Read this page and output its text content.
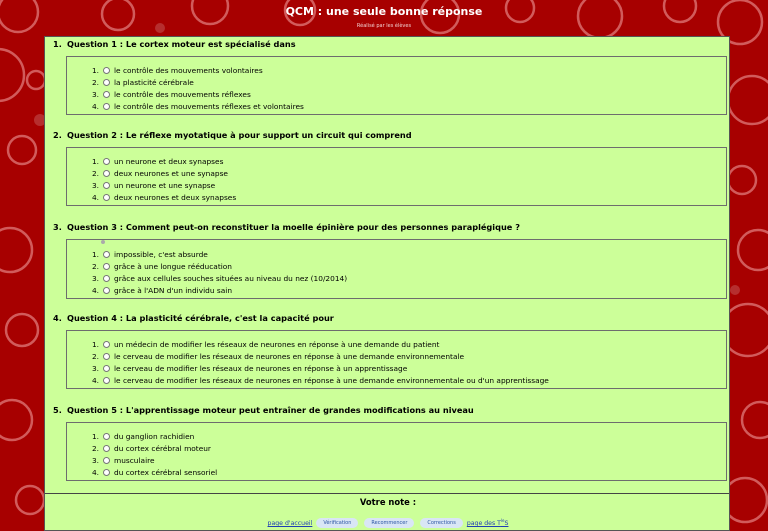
QCM : une seule bonne réponse
Réalisé par les élèves
1. Question 1 : Le cortex moteur est spécialisé dans
1. le contrôle des mouvements volontaires
2. la plasticité cérébrale
3. le contrôle des mouvements réflexes
4. le contrôle des mouvements réflexes et volontaires
2. Question 2 : Le réflexe myotatique à pour support un circuit qui comprend
1. un neurone et deux synapses
2. deux neurones et une synapse
3. un neurone et une synapse
4. deux neurones et deux synapses
3. Question 3 : Comment peut-on reconstituer la moelle épinière pour des personnes paraplégique ?
1. impossible, c'est absurde
2. grâce à une longue rééducation
3. grâce aux cellules souches situées au niveau du nez (10/2014)
4. grâce à l'ADN d'un individu sain
4. Question 4 : La plasticité cérébrale, c'est la capacité pour
1. un médecin de modifier les réseaux de neurones en réponse à une demande du patient
2. le cerveau de modifier les réseaux de neurones en réponse à une demande environnementale
3. le cerveau de modifier les réseaux de neurones en réponse à un apprentissage
4. le cerveau de modifier les réseaux de neurones en réponse à une demande environnementale ou d'un apprentissage
5. Question 5 : L'apprentissage moteur peut entraîner de grandes modifications au niveau
1. du ganglion rachidien
2. du cortex cérébral moteur
3. musculaire
4. du cortex cérébral sensoriel
Votre note :
page d'accueil Vérification	Recommencer	Corrections page des $T^{le}S$
